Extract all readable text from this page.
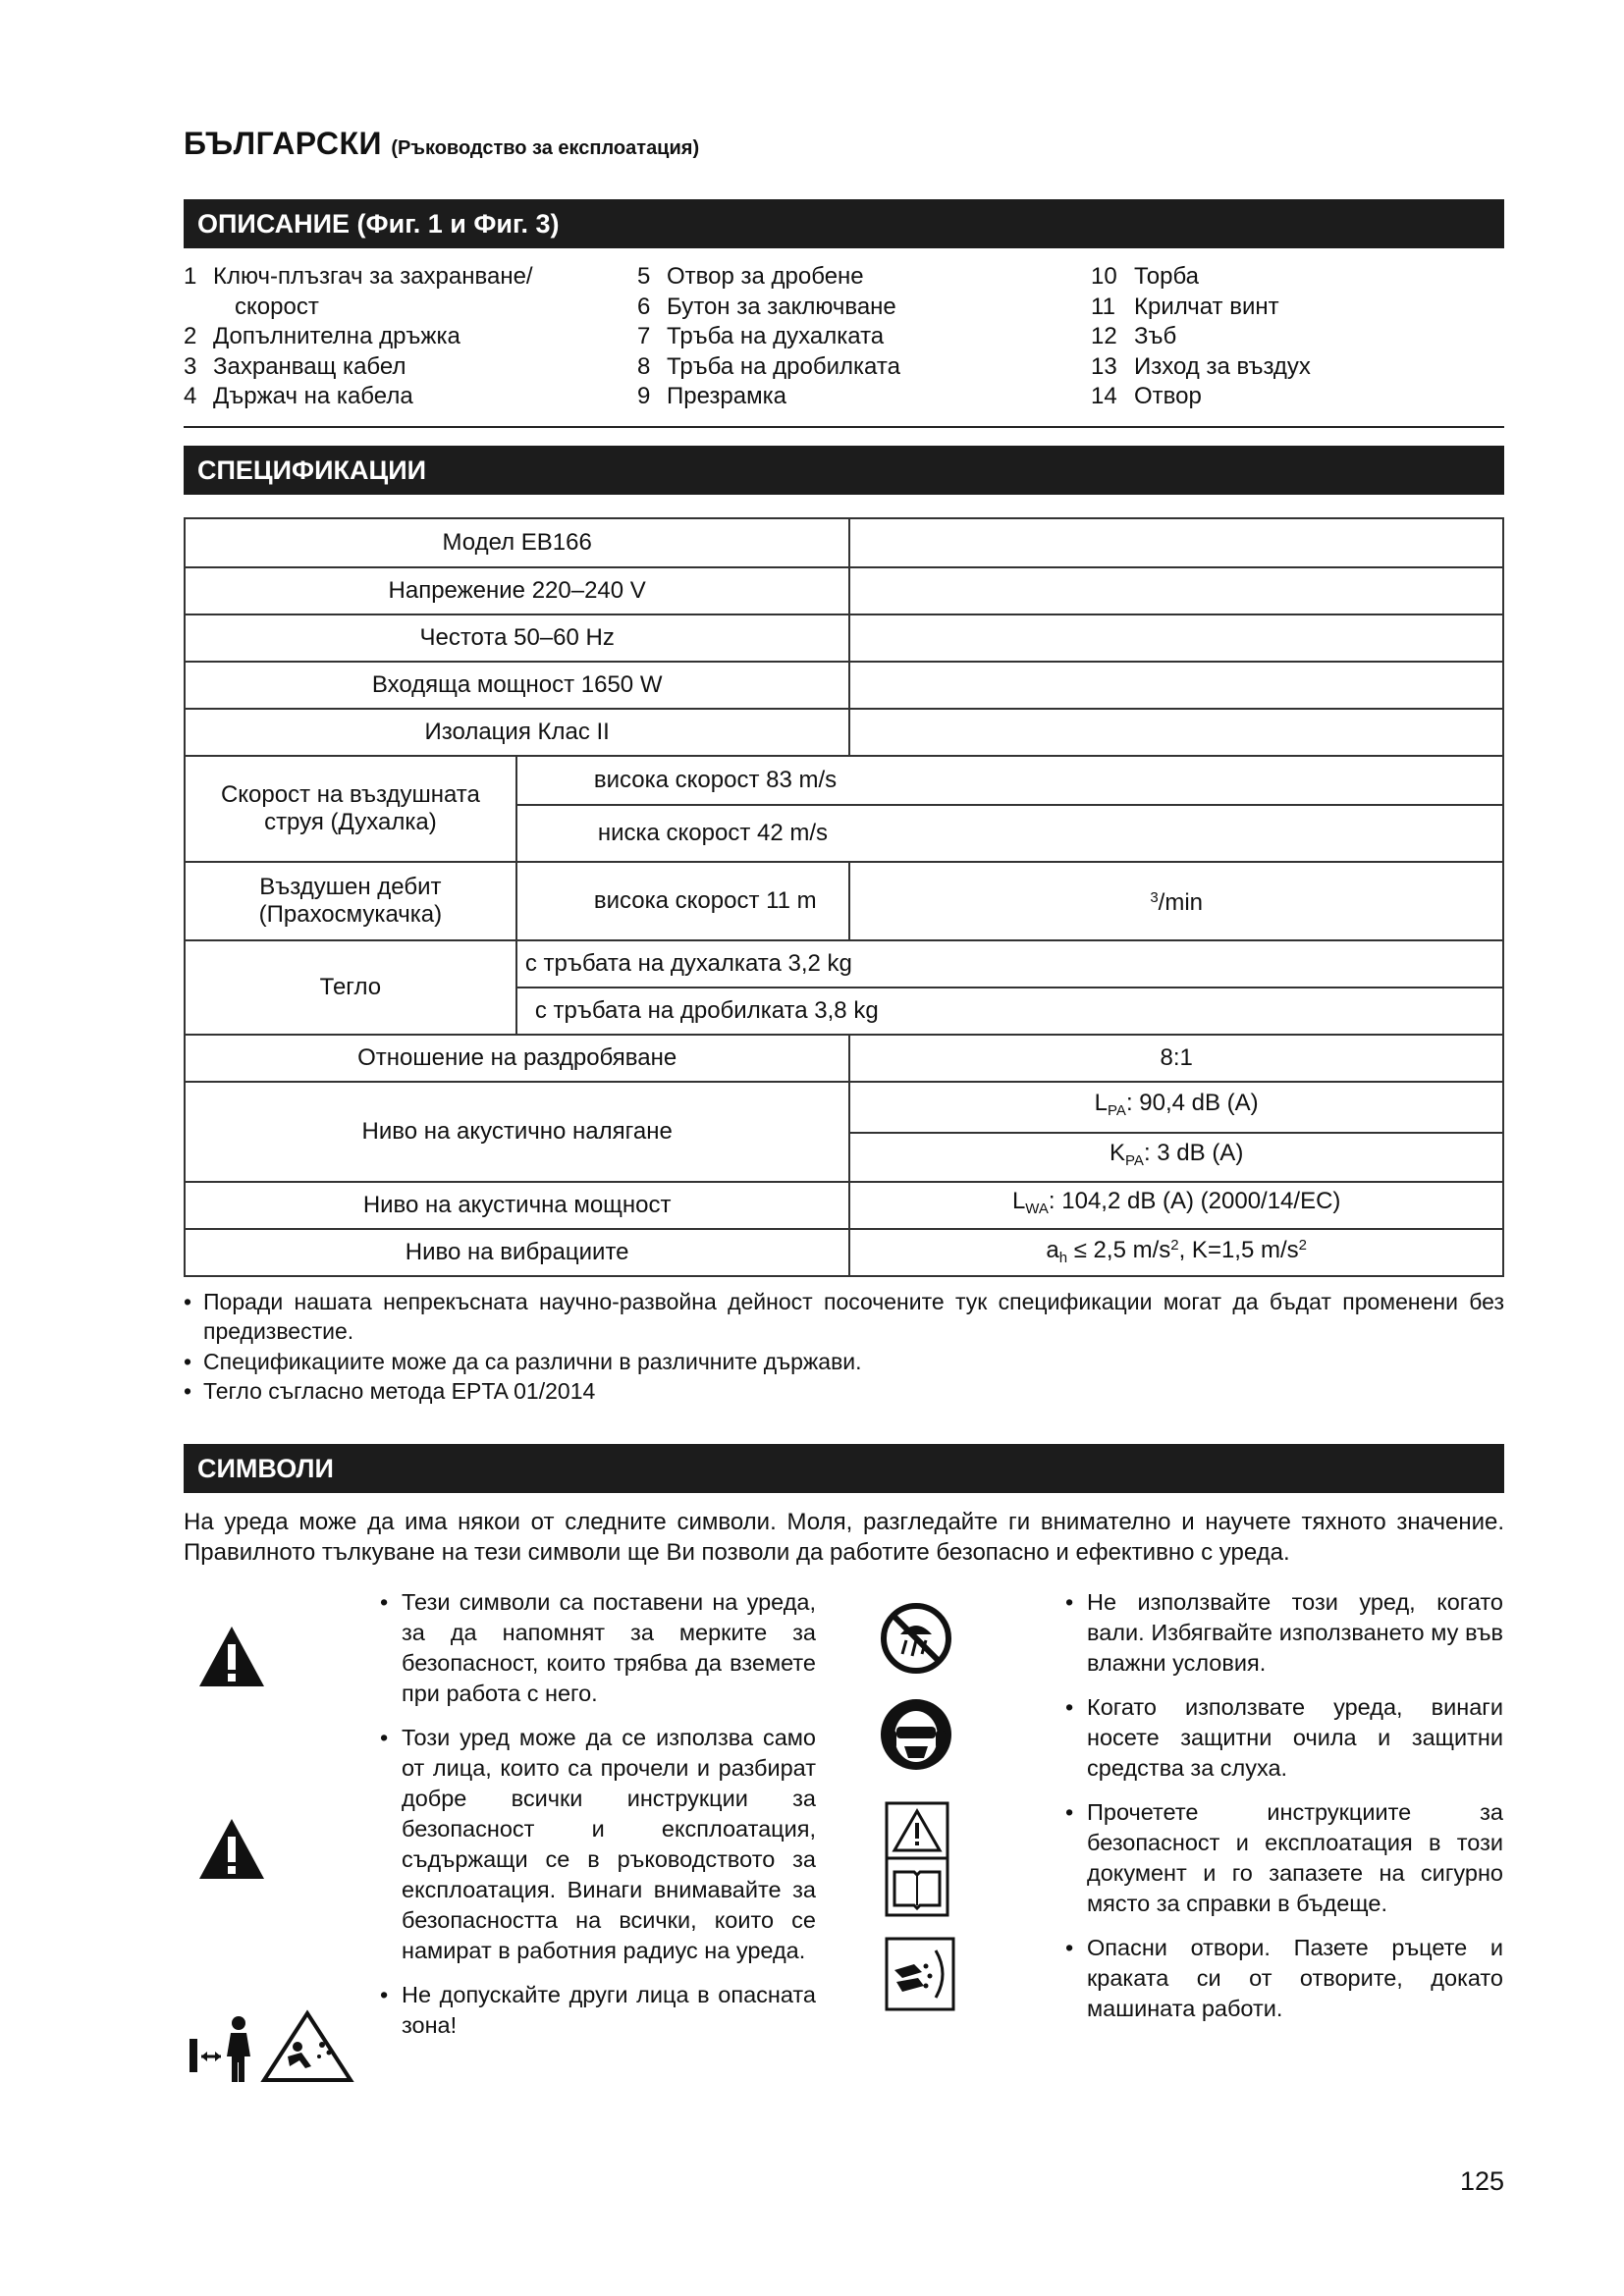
БЪЛГАРСКИ (Ръководство за експлоатация)
ОПИСАНИЕ (Фиг. 1 и Фиг. 3)
1 Ключ-плъзгач за захранване/
скорост
2 Допълнителна дръжка
3 Захранващ кабел
4 Държач на кабела
5 Отвор за дробене
6 Бутон за заключване
7 Тръба на духалката
8 Тръба на дробилката
9 Презрамка
10 Торба
11 Крилчат винт
12 Зъб
13 Изход за въздух
14 Отвор
СПЕЦИФИКАЦИИ
Модел EB166		
Напрежение 220–240 V		
Честота 50–60 Hz		
Входяща мощност 1650 W		
Изолация Клас II		
Скорост на въздушната струя (Духалка)	висока скорост 83 m/s	
	ниска скорост 42 m/s	
Въздушен дебит (Прахосмукачка)	висока скорост 11 m	$^3$/min
Тегло	с тръбата на духалката 3,2 kg	
	с тръбата на дробилката 3,8 kg	
Отношение на раздробяване		8:1
Ниво на акустично налягане		$L_{PA}$: 90,4 dB (A)
		$K_{PA}$: 3 dB (A)
Ниво на акустична мощност		$L_{WA}$: 104,2 dB (A) (2000/14/EC)
Ниво на вибрациите		$a_h \le 2,5$ $m/s^2$, K=1,5 $m/s^2$
• Поради нашата непрекъсната научно-развойна дейност посочените тук спецификации могат да бъдат променени без предизвестие.
• Спецификациите може да са различни в различните държави.
• Тегло съгласно метода EPTA 01/2014
СИМВОЛИ
На уреда може да има някои от следните символи. Моля, разгледайте ги внимателно и научете тяхното значение. Правилното тълкуване на тези символи ще Ви позволи да работите безопасно и ефективно с уреда.
• Тези символи са поставени на уреда, за да напомнят за мерките за безопасност, които трябва да вземете при работа с него.
• Този уред може да се използва само от лица, които са прочели и разбират добре всички инструкции за безопасност и експлоатация, съдържащи се в ръководството за експлоатация. Винаги внимавайте за безопасността на всички, които се намират в работния радиус на уреда.
• Не допускайте други лица в опасната зона!
• Не използвайте този уред, когато вали. Избягвайте използването му във влажни условия.
• Когато използвате уреда, винаги носете защитни очила и защитни средства за слуха.
• Прочетете инструкциите за безопасност и експлоатация в този документ и го запазете на сигурно място за справки в бъдеще.
• Опасни отвори. Пазете ръцете и краката си от отворите, докато машината работи.
125
